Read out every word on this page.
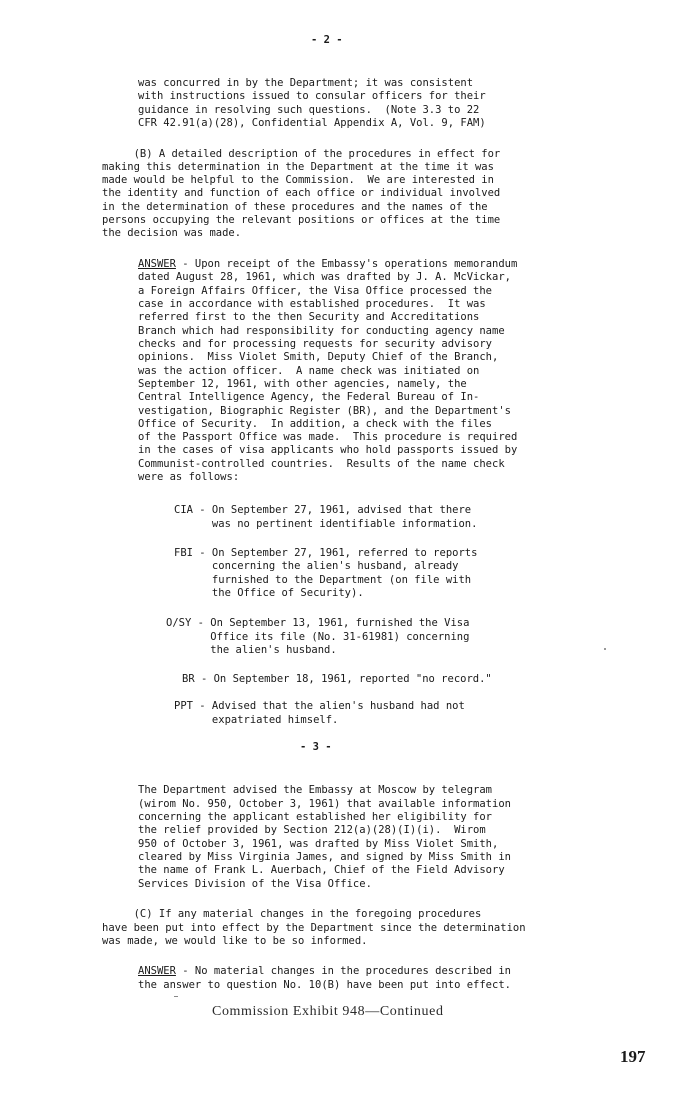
- 2 -
was concurred in by the Department; it was consistent
with instructions issued to consular officers for their
guidance in resolving such questions.  (Note 3.3 to 22
CFR 42.91(a)(28), Confidential Appendix A, Vol. 9, FAM)
(B) A detailed description of the procedures in effect for
making this determination in the Department at the time it was
made would be helpful to the Commission.  We are interested in
the identity and function of each office or individual involved
in the determination of these procedures and the names of the
persons occupying the relevant positions or offices at the time
the decision was made.
ANSWER - Upon receipt of the Embassy's operations memorandum
dated August 28, 1961, which was drafted by J. A. McVickar,
a Foreign Affairs Officer, the Visa Office processed the
case in accordance with established procedures.  It was
referred first to the then Security and Accreditations
Branch which had responsibility for conducting agency name
checks and for processing requests for security advisory
opinions.  Miss Violet Smith, Deputy Chief of the Branch,
was the action officer.  A name check was initiated on
September 12, 1961, with other agencies, namely, the
Central Intelligence Agency, the Federal Bureau of In-
vestigation, Biographic Register (BR), and the Department's
Office of Security.  In addition, a check with the files
of the Passport Office was made.  This procedure is required
in the cases of visa applicants who hold passports issued by
Communist-controlled countries.  Results of the name check
were as follows:
CIA - On September 27, 1961, advised that there
was no pertinent identifiable information.
FBI - On September 27, 1961, referred to reports
concerning the alien's husband, already
furnished to the Department (on file with
the Office of Security).
O/SY - On September 13, 1961, furnished the Visa
Office its file (No. 31-61981) concerning
the alien's husband.
BR - On September 18, 1961, reported "no record."
PPT - Advised that the alien's husband had not
expatriated himself.
- 3 -
The Department advised the Embassy at Moscow by telegram
(wirom No. 950, October 3, 1961) that available information
concerning the applicant established her eligibility for
the relief provided by Section 212(a)(28)(I)(i).  Wirom
950 of October 3, 1961, was drafted by Miss Violet Smith,
cleared by Miss Virginia James, and signed by Miss Smith in
the name of Frank L. Auerbach, Chief of the Field Advisory
Services Division of the Visa Office.
(C) If any material changes in the foregoing procedures
have been put into effect by the Department since the determination
was made, we would like to be so informed.
ANSWER - No material changes in the procedures described in
the answer to question No. 10(B) have been put into effect.
Commission Exhibit 948—Continued
197
